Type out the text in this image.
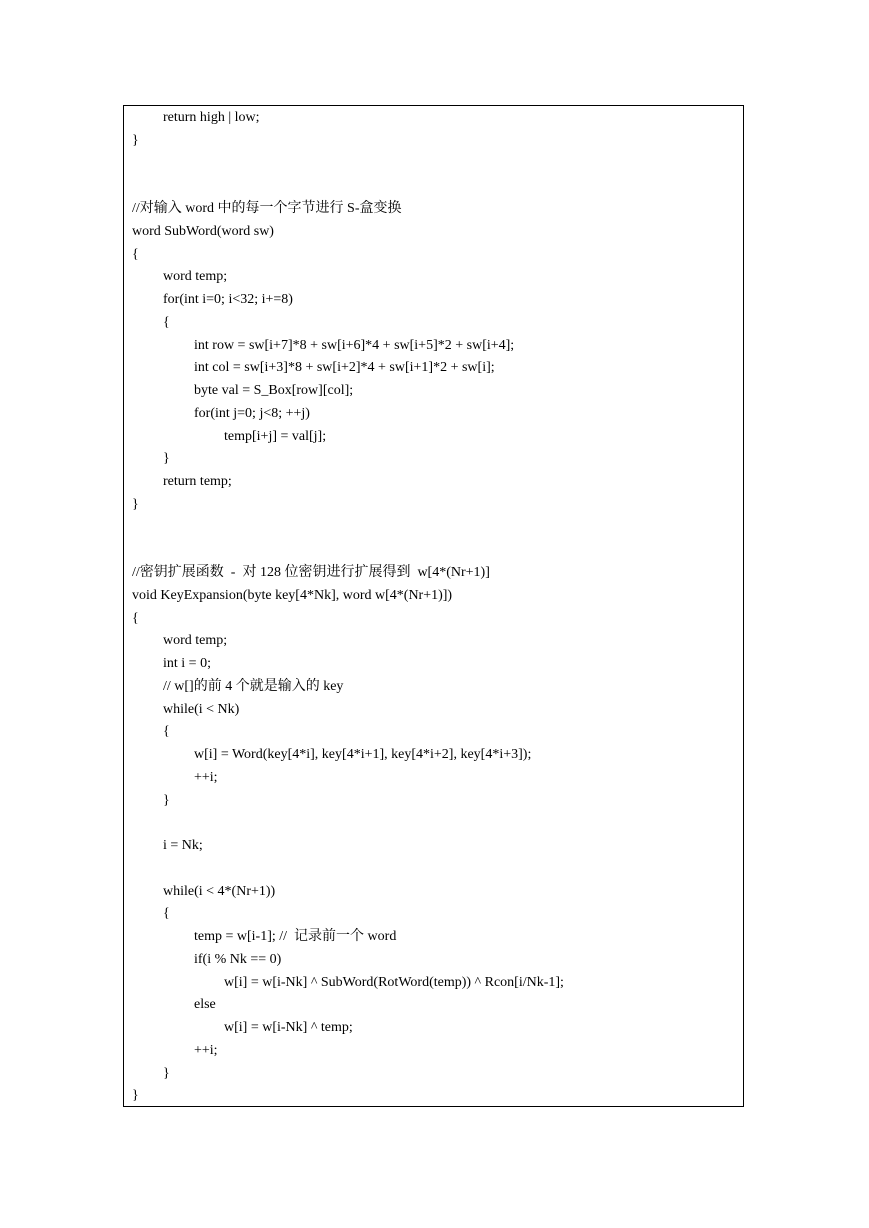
return high | low;
}
//对输入 word 中的每一个字节进行 S-盒变换
word SubWord(word sw)
{
word temp;
for(int i=0; i<32; i+=8)
{
int row = sw[i+7]*8 + sw[i+6]*4 + sw[i+5]*2 + sw[i+4];
int col = sw[i+3]*8 + sw[i+2]*4 + sw[i+1]*2 + sw[i];
byte val = S_Box[row][col];
for(int j=0; j<8; ++j)
temp[i+j] = val[j];
}
return temp;
}
//密钥扩展函数  -  对 128 位密钥进行扩展得到  w[4*(Nr+1)]
void KeyExpansion(byte key[4*Nk], word w[4*(Nr+1)])
{
word temp;
int i = 0;
// w[]的前 4 个就是输入的 key
while(i < Nk)
{
w[i] = Word(key[4*i], key[4*i+1], key[4*i+2], key[4*i+3]);
++i;
}
i = Nk;
while(i < 4*(Nr+1))
{
temp = w[i-1]; //  记录前一个 word
if(i % Nk == 0)
w[i] = w[i-Nk] ^ SubWord(RotWord(temp)) ^ Rcon[i/Nk-1];
else
w[i] = w[i-Nk] ^ temp;
++i;
}
}
